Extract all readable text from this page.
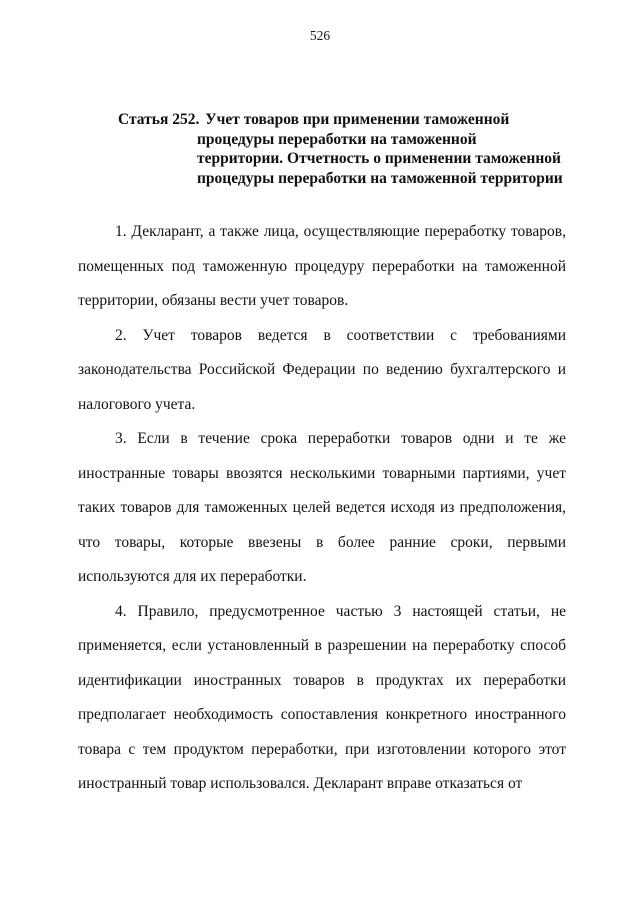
526

Статья 252. Учет товаров при применении таможенной процедуры переработки на таможенной территории. Отчетность о применении таможенной процедуры переработки на таможенной территории

1. Декларант, а также лица, осуществляющие переработку товаров, помещенных под таможенную процедуру переработки на таможенной территории, обязаны вести учет товаров.

2. Учет товаров ведется в соответствии с требованиями законодательства Российской Федерации по ведению бухгалтерского и налогового учета.

3. Если в течение срока переработки товаров одни и те же иностранные товары ввозятся несколькими товарными партиями, учет таких товаров для таможенных целей ведется исходя из предположения, что товары, которые ввезены в более ранние сроки, первыми используются для их переработки.

4. Правило, предусмотренное частью 3 настоящей статьи, не применяется, если установленный в разрешении на переработку способ идентификации иностранных товаров в продуктах их переработки предполагает необходимость сопоставления конкретного иностранного товара с тем продуктом переработки, при изготовлении которого этот иностранный товар использовался. Декларант вправе отказаться от
